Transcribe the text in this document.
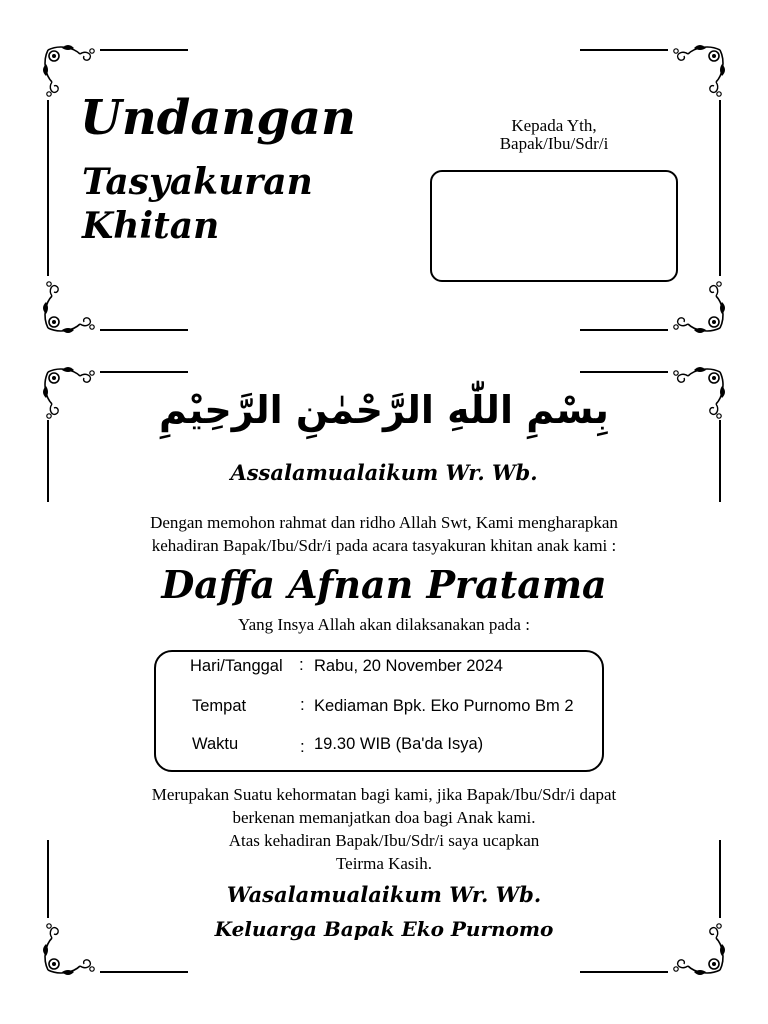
Undangan
Tasyakuran
Khitan
Kepada Yth,
Bapak/Ibu/Sdr/i
بِسْمِ اللّٰهِ الرَّحْمٰنِ الرَّحِيْمِ
Assalamualaikum Wr. Wb.
Dengan memohon rahmat dan ridho Allah Swt, Kami mengharapkan
kehadiran Bapak/Ibu/Sdr/i pada acara tasyakuran khitan anak kami :
Daffa Afnan Pratama
Yang Insya Allah akan dilaksanakan pada :
Hari/Tanggal : Rabu, 20 November 2024
Tempat	: Kediaman Bpk. Eko Purnomo Bm 2
Waktu	: 19.30 WIB (Ba'da Isya)
Merupakan Suatu kehormatan bagi kami, jika Bapak/Ibu/Sdr/i dapat
berkenan memanjatkan doa bagi Anak kami.
Atas kehadiran Bapak/Ibu/Sdr/i saya ucapkan
Teirma Kasih.
Wasalamualaikum Wr. Wb.
Keluarga Bapak Eko Purnomo
